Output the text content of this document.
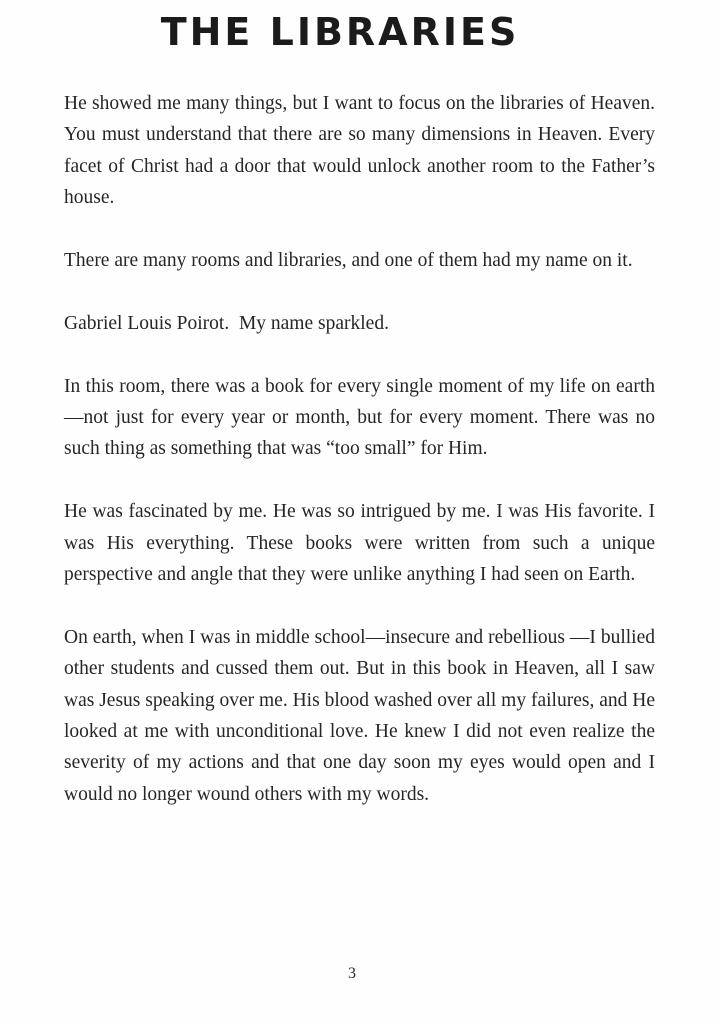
THE LIBRARIES

He showed me many things, but I want to focus on the libraries of Heaven. You must understand that there are so many dimensions in Heaven. Every facet of Christ had a door that would unlock another room to the Father’s house.

There are many rooms and libraries, and one of them had my name on it.

Gabriel Louis Poirot.  My name sparkled.

In this room, there was a book for every single moment of my life on earth—not just for every year or month, but for every moment. There was no such thing as something that was “too small” for Him.

He was fascinated by me. He was so intrigued by me. I was His favorite. I was His everything. These books were written from such a unique perspective and angle that they were unlike anything I had seen on Earth.

On earth, when I was in middle school—insecure and rebellious —I bullied other students and cussed them out. But in this book in Heaven, all I saw was Jesus speaking over me. His blood washed over all my failures, and He looked at me with unconditional love. He knew I did not even realize the severity of my actions and that one day soon my eyes would open and I would no longer wound others with my words.

3
